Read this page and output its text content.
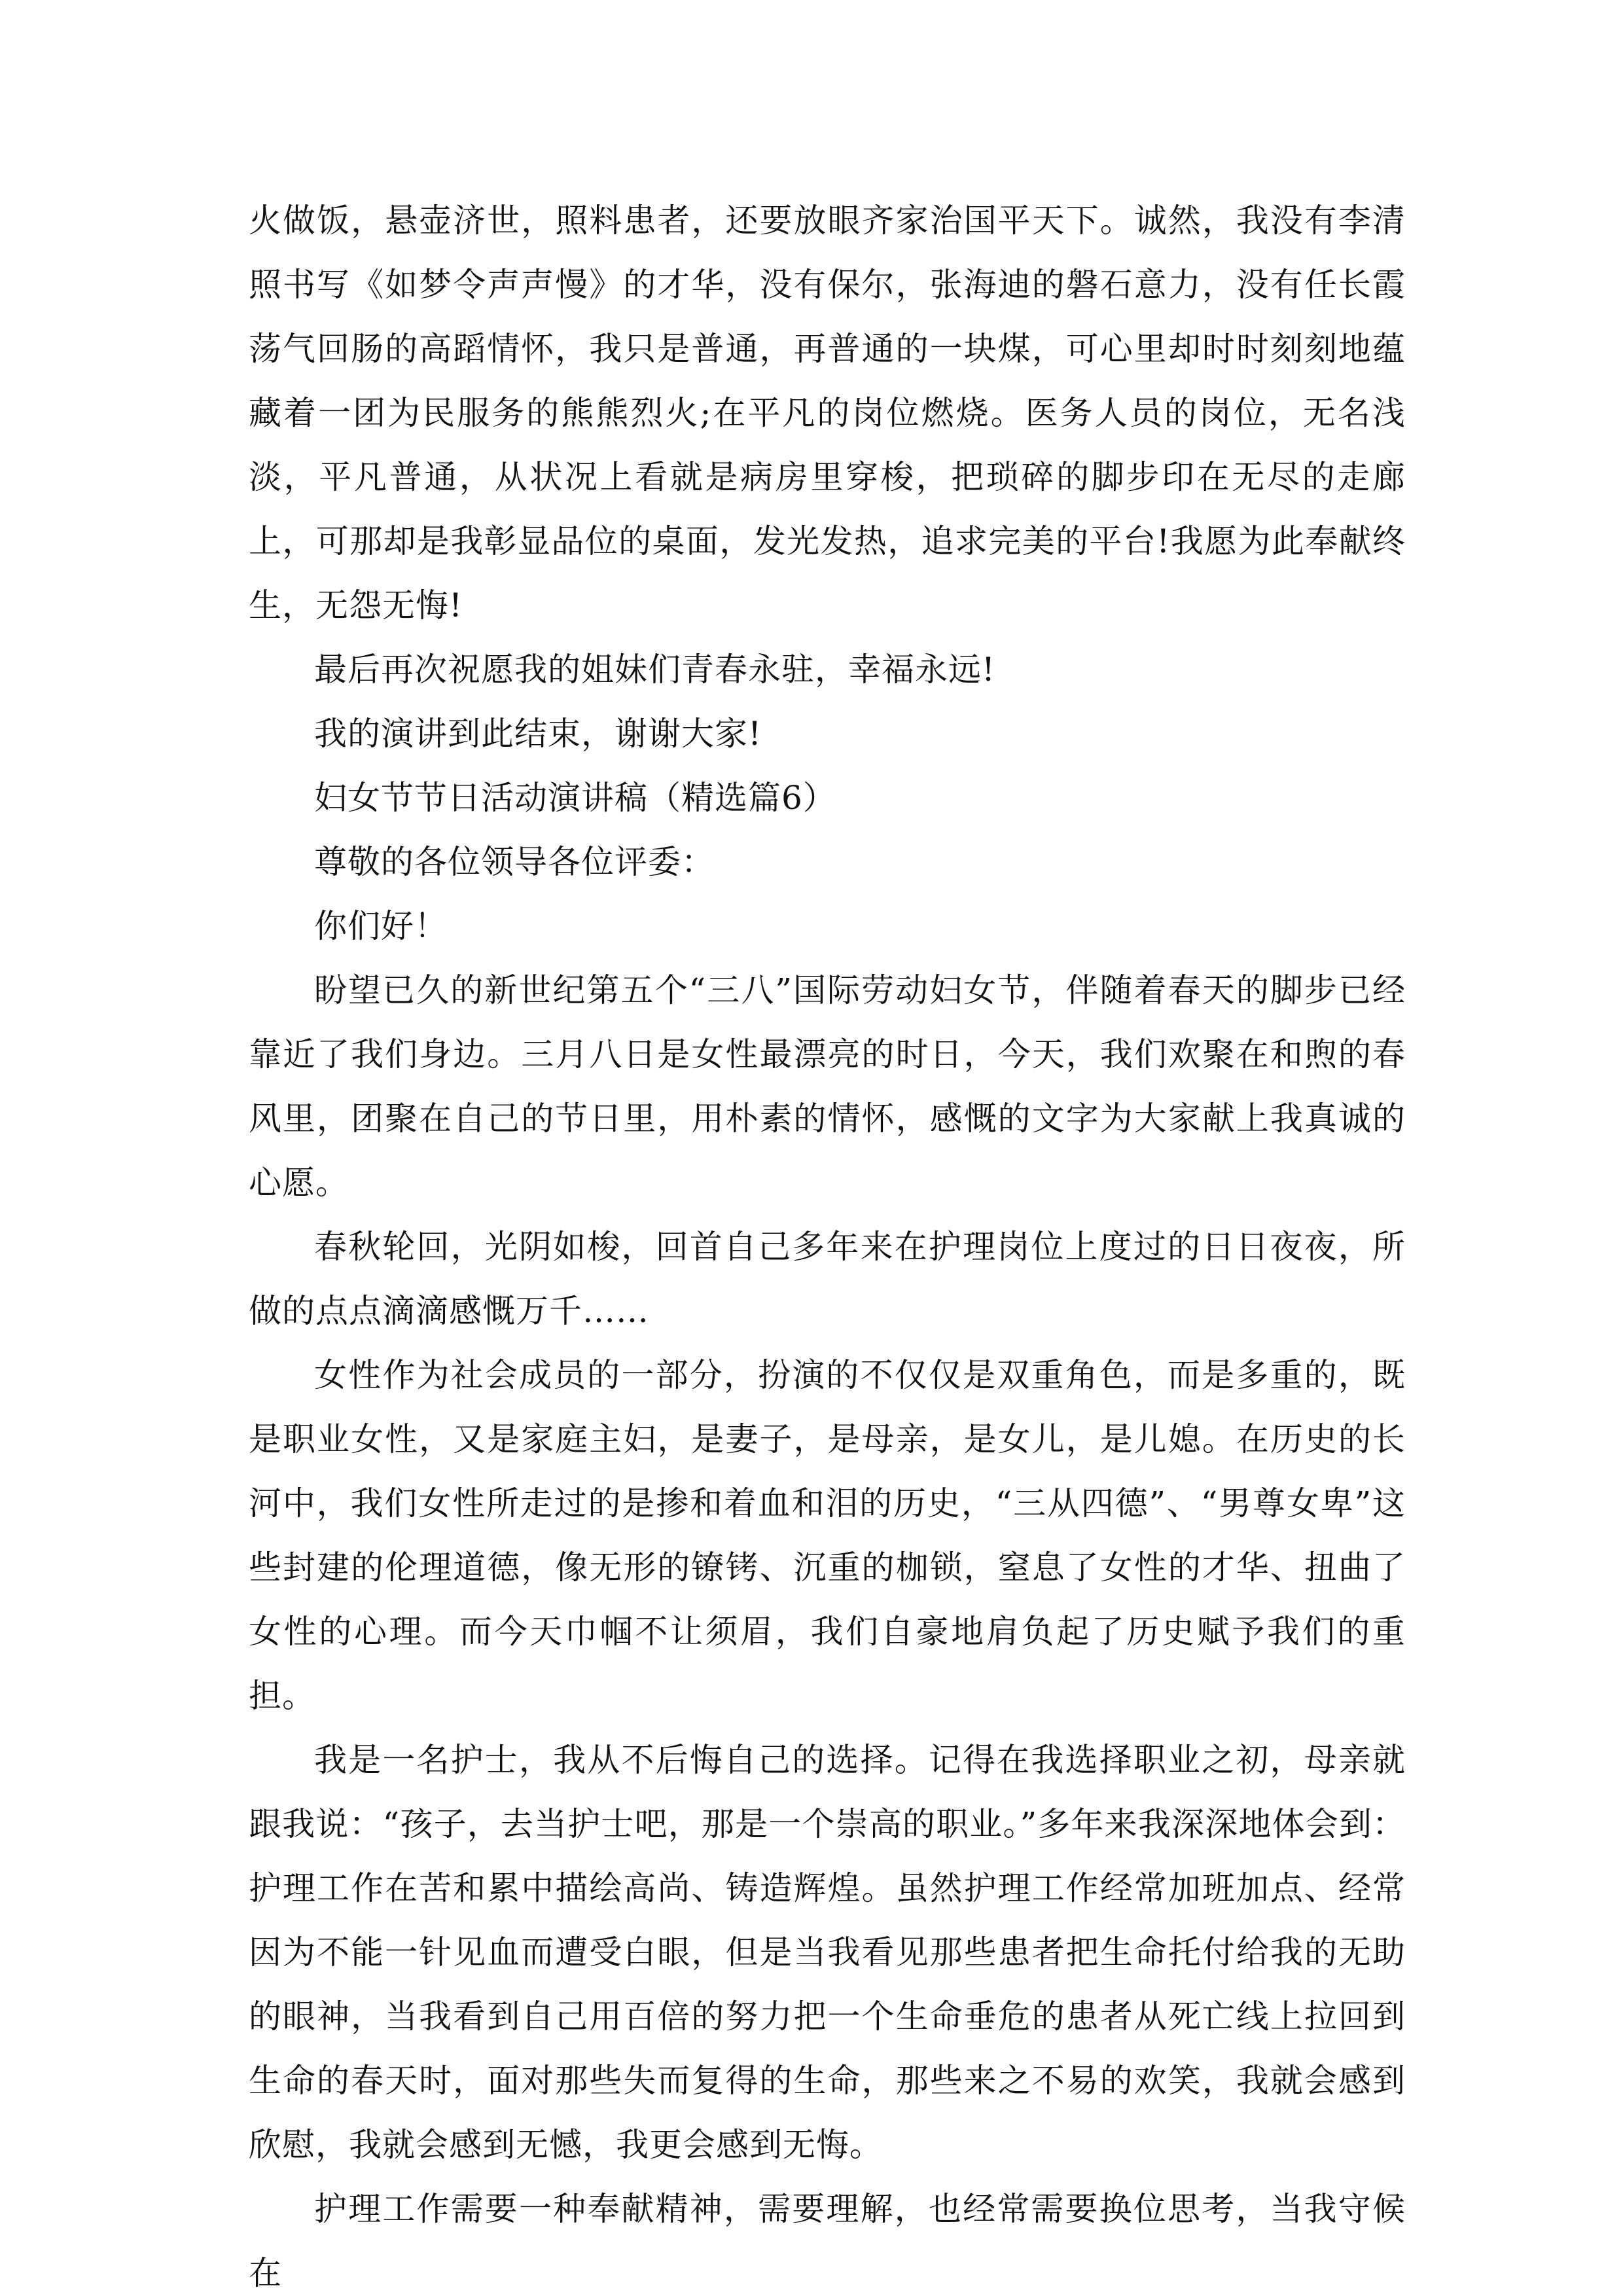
火做饭，悬壶济世，照料患者，还要放眼齐家治国平天下。诚然，我没有李清照书写《如梦令声声慢》的才华，没有保尔，张海迪的磐石意力，没有任长霞荡气回肠的高蹈情怀，我只是普通，再普通的一块煤，可心里却时时刻刻地蕴藏着一团为民服务的熊熊烈火;在平凡的岗位燃烧。医务人员的岗位，无名浅淡，平凡普通，从状况上看就是病房里穿梭，把琐碎的脚步印在无尽的走廊上，可那却是我彰显品位的桌面，发光发热，追求完美的平台!我愿为此奉献终生，无怨无悔!

最后再次祝愿我的姐妹们青春永驻，幸福永远!

我的演讲到此结束，谢谢大家!

妇女节节日活动演讲稿（精选篇6）

尊敬的各位领导各位评委：

你们好！

盼望已久的新世纪第五个“三八”国际劳动妇女节，伴随着春天的脚步已经靠近了我们身边。三月八日是女性最漂亮的时日，今天，我们欢聚在和煦的春风里，团聚在自己的节日里，用朴素的情怀，感慨的文字为大家献上我真诚的心愿。

春秋轮回，光阴如梭，回首自己多年来在护理岗位上度过的日日夜夜，所做的点点滴滴感慨万千……

女性作为社会成员的一部分，扮演的不仅仅是双重角色，而是多重的，既是职业女性，又是家庭主妇，是妻子，是母亲，是女儿，是儿媳。在历史的长河中，我们女性所走过的是掺和着血和泪的历史，“三从四德”、“男尊女卑”这些封建的伦理道德，像无形的镣铐、沉重的枷锁，窒息了女性的才华、扭曲了女性的心理。而今天巾帼不让须眉，我们自豪地肩负起了历史赋予我们的重担。

我是一名护士，我从不后悔自己的选择。记得在我选择职业之初，母亲就跟我说：“孩子，去当护士吧，那是一个崇高的职业。”多年来我深深地体会到：护理工作在苦和累中描绘高尚、铸造辉煌。虽然护理工作经常加班加点、经常因为不能一针见血而遭受白眼，但是当我看见那些患者把生命托付给我的无助的眼神，当我看到自己用百倍的努力把一个生命垂危的患者从死亡线上拉回到生命的春天时，面对那些失而复得的生命，那些来之不易的欢笑，我就会感到欣慰，我就会感到无憾，我更会感到无悔。

护理工作需要一种奉献精神，需要理解，也经常需要换位思考，当我守候在
